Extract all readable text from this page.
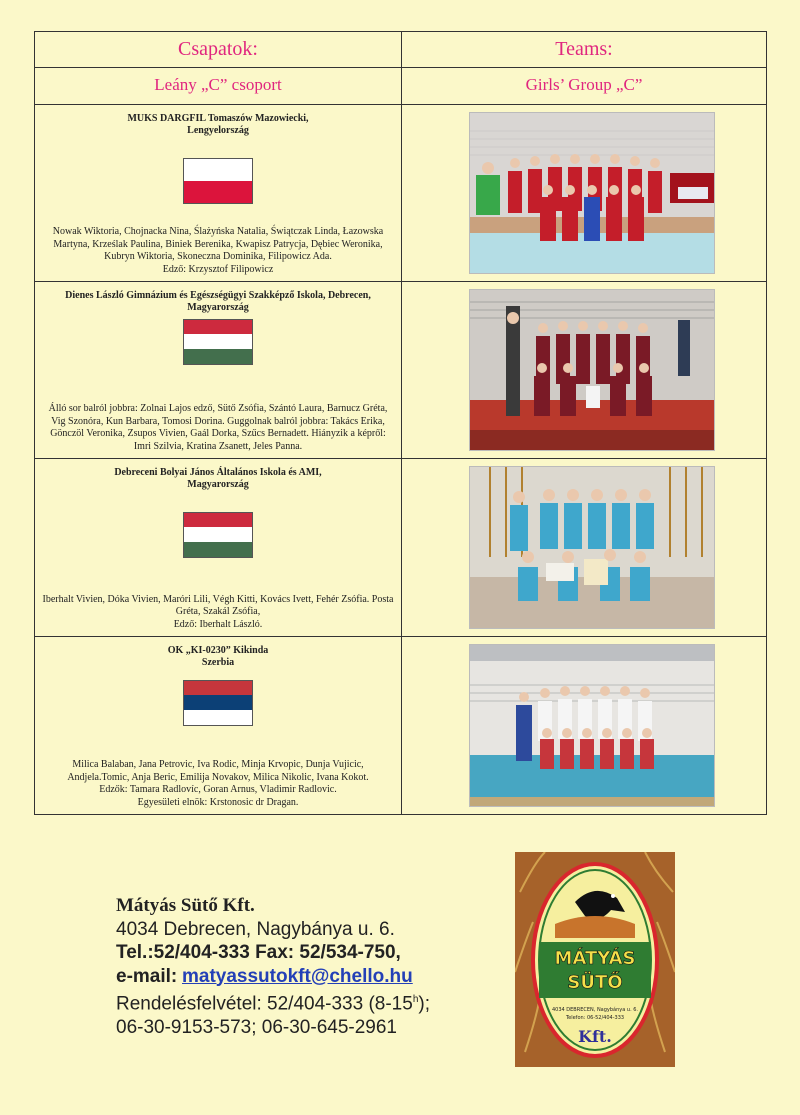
Csapatok:	Teams:
Leány „C” csoport	Girls’ Group „C”

MUKS DARGFIL Tomaszów Mazowiecki,
Lengyelország
Nowak Wiktoria, Chojnacka Nina, Ślażyńska Natalia, Świątczak Linda, Łazowska Martyna, Krześlak Paulina, Biniek Berenika, Kwapisz Patrycja, Dębiec Weronika, Kubryn Wiktoria, Skoneczna Dominika, Filipowicz Ada.
Edző: Krzysztof Filipowicz

Dienes László Gimnázium és Egészségügyi Szakképző Iskola, Debrecen,
Magyarország
Álló sor balról jobbra: Zolnai Lajos edző, Sütő Zsófia, Szántó Laura, Barnucz Gréta, Vig Szonóra, Kun Barbara, Tomosi Dorina. Guggolnak balról jobbra: Takács Erika, Gönczöl Veronika, Zsupos Vivien, Gaál Dorka, Szűcs Bernadett. Hiányzik a képről: Imri Szilvia, Kratina Zsanett, Jeles Panna.

Debreceni Bolyai János Általános Iskola és AMI,
Magyarország
Iberhalt Vivien, Dóka Vivien, Maróri Lili, Végh Kitti, Kovács Ivett, Fehér Zsófia. Posta Gréta, Szakál Zsófia,
Edző: Iberhalt László.

OK „KI-0230” Kikinda
Szerbia
Milica Balaban, Jana Petrovic, Iva Rodic, Minja Krvopic, Dunja Vujicic, Andjela.Tomic, Anja Beric, Emilija Novakov, Milica Nikolic, Ivana Kokot.
Edzők: Tamara Radlovíc, Goran Arnus, Vladimir Radlovic.
Egyesületi elnök: Krstonosic dr Dragan.

Mátyás Sütő Kft.
4034 Debrecen, Nagybánya u. 6.
Tel.:52/404-333 Fax: 52/534-750,
e-mail: matyassutokft@chello.hu
Rendelésfelvétel: 52/404-333 (8-15$^h$);
06-30-9153-573; 06-30-645-2961
MÁTYÁS
SÜTŐ
4034 DEBRECEN, Nagybánya u. 6.
Telefon: 06-52/404-333
Kft.
